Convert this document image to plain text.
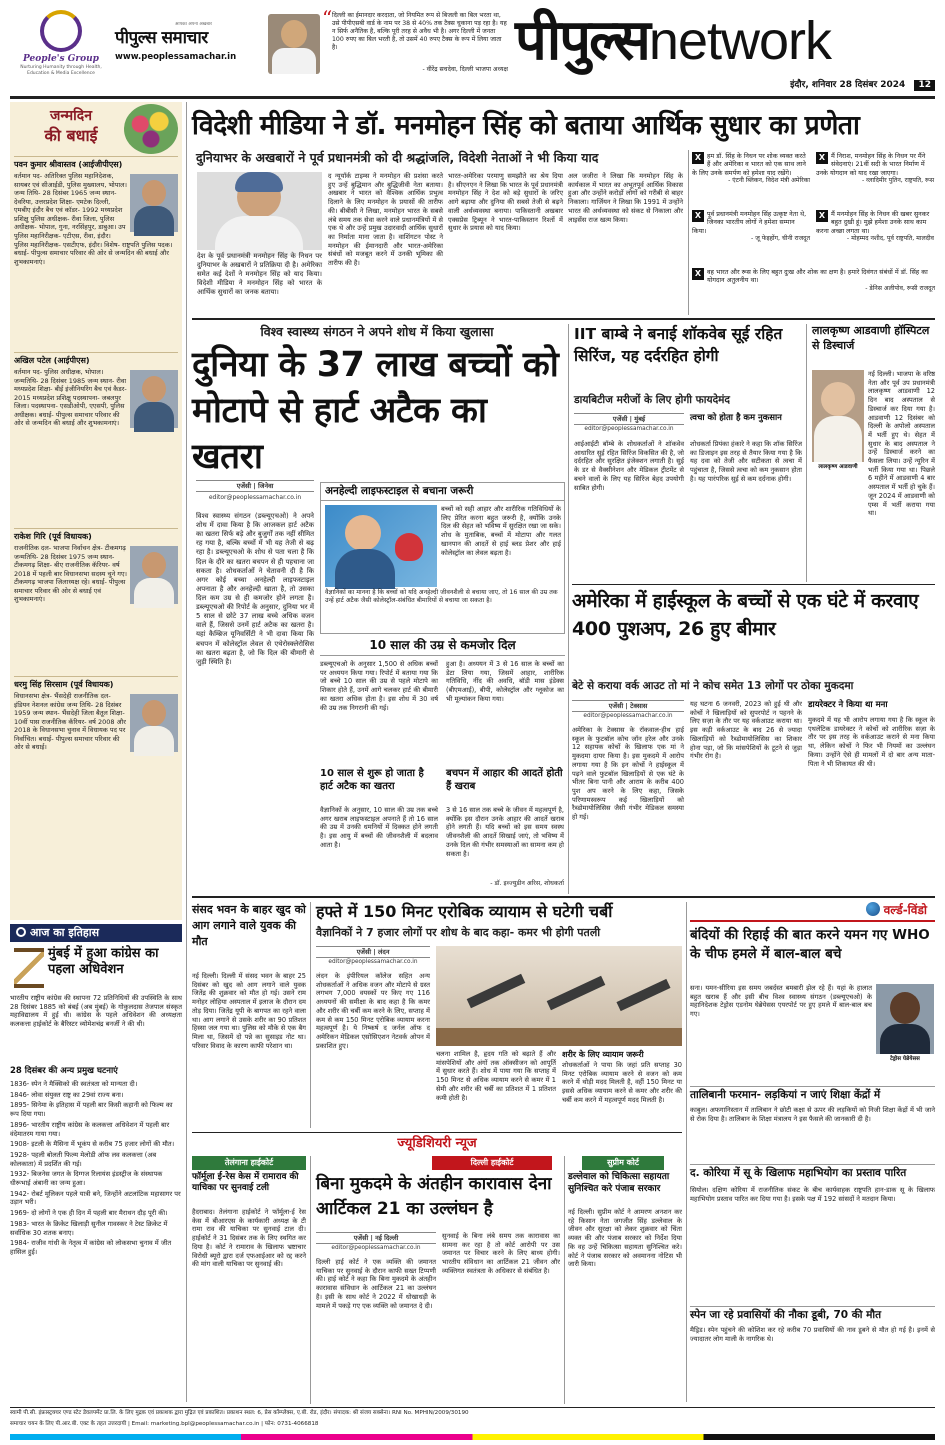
People's Group
Nurturing Humanity through Health, Education & Media Excellence
आपका अपना अखबार
पीपुल्स समाचार
www.peoplessamachar.in
“ दिल्ली का ईमानदार करदाता, जो नियमित रूप से बिजली का बिल भरता था, उसे पीपीएसबी वार्ड के नाम पर 38 से 40% तक टैक्स चुकाना पड़ रहा है। यह न सिर्फ अनैतिक है, बल्कि पूरी तरह से अवैध भी है। अगर दिल्ली में जनता 100 रुपए का बिल भरती है, तो उसमें 40 रुपए टैक्स के रूप में लिया जाता है।
- वीरेंद्र सचदेवा, दिल्ली भाजपा अध्यक्ष पीपुल्सnetwork
इंदौर, शनिवार 28 दिसंबर 2024 12
जन्मदिन
की बधाई
पवन कुमार श्रीवास्तव (आईजीपीएस)
वर्तमान पद- अतिरिक्त पुलिस महानिदेशक, सायबर एवं सीआईडी, पुलिस मुख्यालय, भोपाल। जन्म तिथि- 28 दिसंबर 1965 जन्म स्थान- देवरिया, उत्तरप्रदेश शिक्षा- एमटेक दिल्ली, एमबीए इंदौर बैच एवं कॉडर- 1992 मध्यप्रदेश प्रशिक्षु पुलिस अधीक्षक- रीवा जिला, पुलिस अधीक्षक- भोपाल, गुना, नरसिंहपुर, डाबुआ। उप पुलिस महानिरीक्षक- एटीएस, रीवा, इंदौर। पुलिस महानिरीक्षक- एसटीएफ, इंदौर। विशेष- राष्ट्रपति पुलिस पदक। बधाई- पीपुल्स समाचार परिवार की ओर से जन्मदिन की बधाई और शुभकामनाएं।
अखिल पटेल (आईपीएस)
वर्तमान पद- पुलिस अधीक्षक, भोपाल। जन्मतिथि- 28 दिसंबर 1985 जन्म स्थान- रीवा मध्यप्रदेश शिक्षा- बीई इंजीनियरिंग बैच एवं कैडर- 2015 मध्यप्रदेश प्रशिक्षु पदस्थापना- जबलपुर जिला। पदस्थापना- एसडीओपी, एएसपी, पुलिस अधीक्षक। बधाई- पीपुल्स समाचार परिवार की ओर से जन्मदिन की बधाई और शुभकामनाएं।
राकेश गिरि (पूर्व विधायक)
राजनीतिक दल- भाजपा निर्वाचन क्षेत्र- टीकमगढ़ जन्मतिथि- 28 दिसंबर 1975 जन्म स्थान- टीकमगढ़ शिक्षा- बीए राजनीतिक कॅरियर- वर्ष 2018 में पहली बार विधानसभा सदस्य चुने गए। टीकमगढ़ भाजपा जिलाध्यक्ष रहे। बधाई- पीपुल्स समाचार परिवार की ओर से बधाई एवं शुभकामनाएं।
धरमु सिंह सिरसाम (पूर्व विधायक)
विधानसभा क्षेत्र- भैंसदेही राजनीतिक दल- इंडियन नेशनल कांग्रेस जन्म तिथि- 28 दिसंबर 1959 जन्म स्थान- भैंसदेही जिला बैतूल शिक्षा- 10वीं पास राजनीतिक कॅरियर- वर्ष 2008 और 2018 के विधानसभा चुनाव में विधायक पद पर निर्वाचित। बधाई- पीपुल्स समाचार परिवार की ओर से बधाई।
आज का इतिहास
मुंबई में हुआ कांग्रेस का पहला अधिवेशन
भारतीय राष्ट्रीय कांग्रेस की स्थापना 72 प्रतिनिधियों की उपस्थिति के साथ 28 दिसंबर 1885 को बंबई (अब मुंबई) के गोकुलदास तेजपाल संस्कृत महाविद्यालय में हुई थी। कांग्रेस के पहले अधिवेशन की अध्यक्षता कलकत्ता हाईकोर्ट के बैरिस्टर व्योमेशचंद्र बनर्जी ने की थी।
28 दिसंबर की अन्य प्रमुख घटनाएं
1836- स्पेन ने मैक्सिको की स्वतंत्रता को मान्यता दी।
1846- लोवा संयुक्त राष्ट्र का 29वां राज्य बना।
1895- सिनेमा के इतिहास में पहली बार किसी कहानी को फिल्म का रूप दिया गया।
1896- भारतीय राष्ट्रीय कांग्रेस के कलकत्ता अधिवेशन में पहली बार वंदेमातरम गाया गया।
1908- इटली के मैसिना में भूकंप से करीब 75 हजार लोगों की मौत।
1928- पहली बोलती फिल्म मेलोडी ऑफ लव कलकत्ता (अब कोलकाता) में प्रदर्शित की गई।
1932- बिजनेस जगत के दिग्गज रिलायंस इंडस्ट्रीज के संस्थापक धीरूभाई अंबानी का जन्म हुआ।
1942- रोबर्ट मूलिकन पहले यात्री बने, जिन्होंने अटलांटिक महासागर पर उड़ान भरी।
1969- दो लोगों ने एक ही दिन में पहली बार मैराथन दौड़ पूरी की।
1983- भारत के क्रिकेट खिलाड़ी सुनील गावस्कर ने टेस्ट क्रिकेट में सर्वाधिक 30 शतक बनाए।
1984- राजीव गांधी के नेतृत्व में कांग्रेस को लोकसभा चुनाव में जीत हासिल हुई।
विदेशी मीडिया ने डॉ. मनमोहन सिंह को बताया आर्थिक सुधार का प्रणेता
दुनियाभर के अखबारों ने पूर्व प्रधानमंत्री को दी श्रद्धांजलि, विदेशी नेताओं ने भी किया याद
देश के पूर्व प्रधानमंत्री मनमोहन सिंह के निधन पर दुनियाभर के अखबारों ने प्रतिक्रिया दी है। अमेरिका समेत कई देशों ने मनमोहन सिंह को याद किया। विदेशी मीडिया ने मनमोहन सिंह को भारत के आर्थिक सुधारों का जनक बताया।
द न्यूयॉर्क टाइम्स ने मनमोहन की प्रशंसा करते हुए उन्हें बुद्धिमान और बुद्धिजीवी नेता बताया। अखबार ने भारत को वैश्विक आर्थिक प्रभुत्व दिलाने के लिए मनमोहन के प्रयासों की तारीफ की। बीबीसी ने लिखा, मनमोहन भारत के सबसे लंबे समय तक सेवा करने वाले प्रधानमंत्रियों में से एक थे और उन्हें प्रमुख उदारवादी आर्थिक सुधारों का निर्माता माना जाता है। वाशिंगटन पोस्ट ने मनमोहन की ईमानदारी और भारत-अमेरिका संबंधों को मजबूत करने में उनकी भूमिका की तारीफ की है।
भारत-अमेरिका परमाणु समझौते का श्रेय दिया है। सीएनएन ने लिखा कि भारत के पूर्व प्रधानमंत्री मनमोहन सिंह ने देश को बड़े सुधारों के जरिए आगे बढ़ाया और दुनिया की सबसे तेजी से बढ़ने वाली अर्थव्यवस्था बनाया। पाकिस्तानी अखबार एक्सप्रेस ट्रिब्यून ने भारत-पाकिस्तान रिश्तों में सुधार के प्रयास को याद किया।
अल जजीरा ने लिखा कि मनमोहन सिंह के कार्यकाल में भारत का अभूतपूर्व आर्थिक विकास हुआ और उन्होंने करोड़ों लोगों को गरीबी से बाहर निकाला। गार्जियन ने लिखा कि 1991 में उन्होंने भारत की अर्थव्यवस्था को संकट से निकाला और लाइसेंस राज खत्म किया।
X हम डॉ. सिंह के निधन पर शोक व्यक्त करते हैं और अमेरिका व भारत को एक साथ लाने के लिए उनके समर्पण को हमेशा याद रखेंगे।
- एंटनी ब्लिंकन, विदेश मंत्री अमेरिका
X मैं निराश, मनमोहन सिंह के निधन पर मैंने संवेदनाएं। 21वीं सदी के भारत निर्माण में उनके योगदान को याद रखा जाएगा।
- व्लादिमीर पुतिन, राष्ट्रपति, रूस
X पूर्व प्रधानमंत्री मनमोहन सिंह उत्कृष्ट नेता थे, जिनका भारतीय लोगों ने हमेशा सम्मान किया।
- जू फेइहोंग, चीनी राजदूत
X मैं मनमोहन सिंह के निधन की खबर सुनकर बहुत दुखी हूं। मुझे हमेशा उनके साथ काम करना अच्छा लगता था।
- मोहम्मद नशीद, पूर्व राष्ट्रपति, मालदीव
X वह भारत और रूस के लिए बहुत दुःख और शोक का क्षण है। हमारे दिवंगत संबंधों में डॉ. सिंह का योगदान अतुलनीय था।
- डेनिस अलीपोव, रूसी राजदूत
विश्व स्वास्थ्य संगठन ने अपने शोध में किया खुलासा
दुनिया के 37 लाख बच्चों को मोटापे से हार्ट अटैक का खतरा
एजेंसी | जिनेवा
editor@peoplessamachar.co.in
विश्व स्वास्थ्य संगठन (डब्ल्यूएचओ) ने अपने शोध में दावा किया है कि आजकल हार्ट अटैक का खतरा सिर्फ बड़े और बुजुर्गों तक नहीं सीमित रह गया है, बल्कि बच्चों में भी यह तेजी से बढ़ रहा है। डब्ल्यूएचओ के शोध से पता चला है कि दिल के दौरे का खतरा बचपन से ही पहचाना जा सकता है। शोधकर्ताओं ने चेतावनी दी है कि अगर कोई बच्चा अनहेल्दी लाइफस्टाइल अपनाता है और अनहेल्दी खाता है, तो उसका दिल कम उम्र से ही कमजोर होने लगता है। डब्ल्यूएचओ की रिपोर्ट के अनुसार, दुनिया भर में 5 साल से छोटे 37 लाख बच्चे अधिक वजन वाले हैं, जिससे उनमें हार्ट अटैक का खतरा है। यहां कैम्ब्रिज यूनिवर्सिटी ने भी दावा किया कि बचपन में कोलेस्ट्रॉल लेवल से एथेरोस्क्लेरोसिस का खतरा बढ़ता है, जो कि दिल की बीमारी से जुड़ी स्थिति है।
अनहेल्दी लाइफस्टाइल से बचाना जरूरी
बच्चों को सही आहार और शारीरिक गतिविधियों के लिए प्रेरित करना बहुत जरूरी है, क्योंकि उनके दिल की सेहत को भविष्य में सुरक्षित रखा जा सके। शोध के मुताबिक, बच्चों में मोटापा और गलत खानपान की आदतें से हाई ब्लड प्रेशर और हाई कोलेस्ट्रॉल का लेवल बढ़ता है।
वैज्ञानिकों का मानना है कि बच्चों को यदि अनहेल्दी जीवनशैली से बचाया जाए, तो 16 साल की उम्र तक उन्हें हार्ट अटैक जैसी कोलेस्ट्रॉल-संबंधित बीमारियों से बचाया जा सकता है।
10 साल की उम्र से कमजोर दिल
डब्ल्यूएचओ के अनुसार 1,500 से अधिक बच्चों पर अध्ययन किया गया। रिपोर्ट में बताया गया कि जो बच्चे 10 साल की उम्र से पहले मोटापे का शिकार होते हैं, उनमें आगे चलकर हार्ट की बीमारी का खतरा अधिक होता है। इस शोध में 30 वर्ष की उम्र तक निगरानी की गई।
हुआ है। अध्ययन में 3 से 16 साल के बच्चों का डेटा लिया गया, जिसमें आहार, शारीरिक गतिविधि, नींद की अवधि, बॉडी मास इंडेक्स (बीएमआई), बीपी, कोलेस्ट्रॉल और ग्लूकोज का भी मूल्यांकन किया गया।
10 साल से शुरू हो जाता है हार्ट अटैक का खतरा
वैज्ञानिकों के अनुसार, 10 साल की उम्र तक बच्चे अगर खराब लाइफस्टाइल अपनाते हैं तो 16 साल की उम्र में उनकी धमनियों में दिक्कत होने लगती है। इस आयु में बच्चों की जीवनशैली में बदलाव आता है।
बचपन में आहार की आदतें होती हैं खराब
3 से 16 साल तक बच्चे के जीवन में महत्वपूर्ण है, क्योंकि इस दौरान उनके आहार की आदतें खराब होने लगती हैं। यदि बच्चों को इस समय स्वस्थ जीवनशैली की आदतें सिखाई जाएं, तो भविष्य में उनके दिल की गंभीर समस्याओं का सामना कम हो सकता है।
- डॉ. इव्ज्युडीन अरिस, शोधकर्ता
IIT बाम्बे ने बनाई शॉकवेब सूई रहित सिरिंज, यह दर्दरहित होगी
डायबिटीज मरीजों के लिए होगी फायदेमंद
एजेंसी | मुंबई
editor@peoplessamachar.co.in
आईआईटी बॉम्बे के शोधकर्ताओं ने शॉकवेव आधारित सुई रहित सिरिंज विकसित की है, जो दर्दरहित और सुरक्षित इंजेक्शन लगाती है। सुई के डर से वैक्सीनेशन और मेडिकल ट्रीटमेंट से बचने वालों के लिए यह सिरिंज बेहद उपयोगी साबित होगी।
त्वचा को होता है कम नुकसान
शोधकर्ता प्रियंका हंकारे ने कहा कि शॉक सिरिंज का डिजाइन इस तरह से तैयार किया गया है कि यह दवा को तेजी और सटीकता से त्वचा में पहुंचाता है, जिससे त्वचा को कम नुकसान होता है। यह पारंपरिक सुई से कम दर्दनाक होगी।
लालकृष्ण आडवाणी हॉस्पिटल से डिस्चार्ज
लालकृष्ण आडवाणी
नई दिल्ली। भाजपा के वरिष्ठ नेता और पूर्व उप प्रधानमंत्री लालकृष्ण आडवाणी 12 दिन बाद अस्पताल से डिस्चार्ज कर दिया गया है। आडवाणी 12 दिसंबर को दिल्ली के अपोलो अस्पताल में भर्ती हुए थे। सेहत में सुधार के बाद अस्पताल ने उन्हें डिस्चार्ज करने का फैसला लिया। उन्हें न्यूरिन में भर्ती किया गया था। पिछले 6 महीने में आडवाणी 4 बार अस्पताल में भर्ती हो चुके हैं। जून 2024 में आडवाणी को एम्स में भर्ती कराया गया था।
अमेरिका में हाईस्कूल के बच्चों से एक घंटे में करवाए 400 पुशअप, 26 हुए बीमार
बेटे से कराया वर्क आउट तो मां ने कोच समेत 13 लोगों पर ठोका मुकदमा
एजेंसी | टेक्सास
editor@peoplessamachar.co.in
अमेरिका के टेक्सास के रॉकवाल-हीथ हाई स्कूल के फुटबॉल कोच जॉन हरेल और उनके 12 सहायक कोचों के खिलाफ एक मां ने मुकदमा दायर किया है। इस मुकदमे में आरोप लगाया गया है कि इन कोचों ने हाईस्कूल में पढ़ने वाले फुटबॉल खिलाड़ियों से एक घंटे के भीतर बिना पानी और आराम के करीब 400 पुश अप करने के लिए कहा, जिसके परिणामस्वरूप कई खिलाड़ियों को रैब्डोमायोलिसिस जैसी गंभीर मेडिकल समस्या हो गई।
यह घटना 6 जनवरी, 2023 को हुई थी और कोचों ने खिलाड़ियों को सुपरपोर्ट न पहनने के लिए सज़ा के तौर पर यह वर्कआउट कराया था। इस कड़ी वर्कआउट के बाद 26 से ज्यादा खिलाड़ियों को रैब्डोमायोलिसिस का शिकार होना पड़ा, जो कि मांसपेशियों के टूटने से जुड़ा गंभीर रोग है।
डायरेक्टर ने किया था मना
मुकदमे में यह भी आरोप लगाया गया है कि स्कूल के एथलेटिक डायरेक्टर ने कोचों को शारीरिक सज़ा के तौर पर इस तरह के वर्कआउट कराने से मना किया था, लेकिन कोचों ने फिर भी नियमों का उल्लंघन किया। उन्होंने ऐसे ही मामलों में दो बार अन्य माता-पिता ने भी शिकायत की थी।
संसद भवन के बाहर खुद को आग लगाने वाले युवक की मौत
नई दिल्ली। दिल्ली में संसद भवन के बाहर 25 दिसंबर को खुद को आग लगाने वाले युवक जितेंद्र की शुक्रवार को मौत हो गई। उसने राम मनोहर लोहिया अस्पताल में इलाज के दौरान दम तोड़ दिया। जितेंद्र यूपी के बागपत का रहने वाला था। आग लगाने से उसके शरीर का 90 प्रतिशत हिस्सा जल गया था। पुलिस को मौके से एक बैग मिला था, जिसमें दो पन्ने का सुसाइड नोट था। परिवार विवाद के कारण काफी परेशान था।
हफ्ते में 150 मिनट एरोबिक व्यायाम से घटेगी चर्बी
वैज्ञानिकों ने 7 हजार लोगों पर शोध के बाद कहा- कमर भी होगी पतली
एजेंसी | लंदन
editor@peoplessamachar.co.in
लंदन के इंपीरियल कॉलेज सहित अन्य शोधकर्ताओं ने अधिक वजन और मोटापे से ग्रस्त लगभग 7,000 वयस्कों पर किए गए 116 अध्ययनों की समीक्षा के बाद कहा है कि कमर और शरीर की चर्बी कम करने के लिए, सप्ताह में कम से कम 150 मिनट एरोबिक व्यायाम करना महत्वपूर्ण है। ये निष्कर्ष द जर्नल ऑफ द अमेरिकन मेडिकल एसोसिएशन नेटवर्क ओपन में प्रकाशित हुए।
चलना शामिल है, हृदय गति को बढ़ाते हैं और मांसपेशियों और अंगों तक ऑक्सीजन को आपूर्ति में सुधार करते हैं। शोध में पाया गया कि सप्ताह में 150 मिनट से अधिक व्यायाम करने से कमर में 1 सेमी और शरीर की चर्बी का प्रतिशत में 1 प्रतिशत कमी होती है।
शरीर के लिए व्यायाम जरूरी
शोधकर्ताओं ने पाया कि जहां प्रति सप्ताह 30 मिनट एरोबिक व्यायाम करने से वजन को कम करने में थोड़ी मदद मिलती है, वहीं 150 मिनट या इससे अधिक व्यायाम करने से कमर और शरीर की चर्बी कम करने में महत्वपूर्ण मदद मिलती है।
ज्यूडिशियरी न्यूज
तेलंगाना हाईकोर्ट
फॉर्मूला ई-रेस केस में रामाराव की याचिका पर सुनवाई टली
हैदराबाद। तेलंगाना हाईकोर्ट ने फॉर्मूला-ई रेस केस में बीआरएस के कार्यकारी अध्यक्ष के टी रामा राव की याचिका पर सुनवाई टाल दी। हाईकोर्ट ने 31 दिसंबर तक के लिए स्थगित कर दिया है। कोर्ट ने रामाराव के खिलाफ भ्रष्टाचार विरोधी ब्यूरो द्वारा दर्ज एफआईआर को रद्द करने की मांग वाली याचिका पर सुनवाई की।
दिल्ली हाईकोर्ट
बिना मुकदमे के अंतहीन कारावास देना आर्टिकल 21 का उल्लंघन है
एजेंसी | नई दिल्ली
editor@peoplessamachar.co.in
दिल्ली हाई कोर्ट ने एक व्यक्ति की जमानत याचिका पर सुनवाई के दौरान काफी सख्त टिप्पणी की। हाई कोर्ट ने कहा कि बिना मुकदमे के अंतहीन कारावास संविधान के आर्टिकल 21 का उल्लंघन है। इसी के साथ कोर्ट ने 2022 में धोखाधड़ी के मामले में पकड़े गए एक व्यक्ति को जमानत दे दी।
सुनवाई के बिना लंबे समय तक कारावास का सामना कर रहा है तो कोर्ट आरोपी पर उस जमानत पर विचार करने के लिए बाध्य होगी। भारतीय संविधान का आर्टिकल 21 जीवन और व्यक्तिगत स्वतंत्रता के अधिकार से संबंधित है।
सुप्रीम कोर्ट
डल्लेवाल को चिकित्सा सहायता सुनिश्चित करे पंजाब सरकार
नई दिल्ली। सुप्रीम कोर्ट ने आमरण अनशन कर रहे किसान नेता जगजीत सिंह डल्लेवाल के जीवन और सुरक्षा को लेकर शुक्रवार को चिंता व्यक्त की और पंजाब सरकार को निर्देश दिया कि वह उन्हें चिकित्सा सहायता सुनिश्चित करे। कोर्ट ने पंजाब सरकार को अवमानना नोटिस भी जारी किया।
वर्ल्ड-विंडो
बंदियों की रिहाई की बात करने यमन गए WHO के चीफ हमले में बाल-बाल बचे
सना। यमन-सीरिया इस समय जबर्दस्त बमबारी झेल रहे हैं। यहां के हालात बहुत खराब हैं और इसी बीच विश्व स्वास्थ्य संगठन (डब्ल्यूएचओ) के महानिदेशक टेड्रोस एडनोम घेब्रेयेसस एयरपोर्ट पर हुए हमले में बाल-बाल बच गए।
टेड्रोस घेब्रेयेसस
तालिबानी फरमान- लड़कियां न जाएं शिक्षा केंद्रों में
काबुल। अफगानिस्तान में तालिबान ने छोटी कक्षा से ऊपर की लड़कियों को निजी शिक्षा केंद्रों में भी जाने से रोक दिया है। तालिबान के शिक्षा मंत्रालय ने इस फैसले की जानकारी दी है।
द. कोरिया में सू के खिलाफ महाभियोग का प्रस्ताव पारित
सियोल। दक्षिण कोरिया में राजनीतिक संकट के बीच कार्यवाहक राष्ट्रपति हान-डाक सू के खिलाफ महाभियोग प्रस्ताव पारित कर दिया गया है। इसके पक्ष में 192 सांसदों ने मतदान किया।
स्पेन जा रहे प्रवासियों की नौका डूबी, 70 की मौत
मैड्रिड। स्पेन पहुंचने की कोशिश कर रहे करीब 70 प्रवासियों की नाव डूबने से मौत हो गई है। इनमें से ज्यादातर लोग माली के नागरिक थे।
स्वामी पी.सी. इंफ्रास्ट्रक्चर एण्ड स्टेट डेवलपमेंट प्रा.लि. के लिए मुद्रक एवं प्रकाशक द्वारा मुद्रित एवं प्रकाशित। प्रकाशन स्थल: 6, प्रेस कॉम्प्लेक्स, ए.बी. रोड, इंदौर। संपादक: श्री संजय सक्सेना। RNI No. MPHIN/2009/30190
समाचार चयन के लिए पी.आर.बी. एक्ट के तहत उत्तरदायी | Email: marketing.bpl@peoplessamachar.co.in | फोन: 0731-4066818
